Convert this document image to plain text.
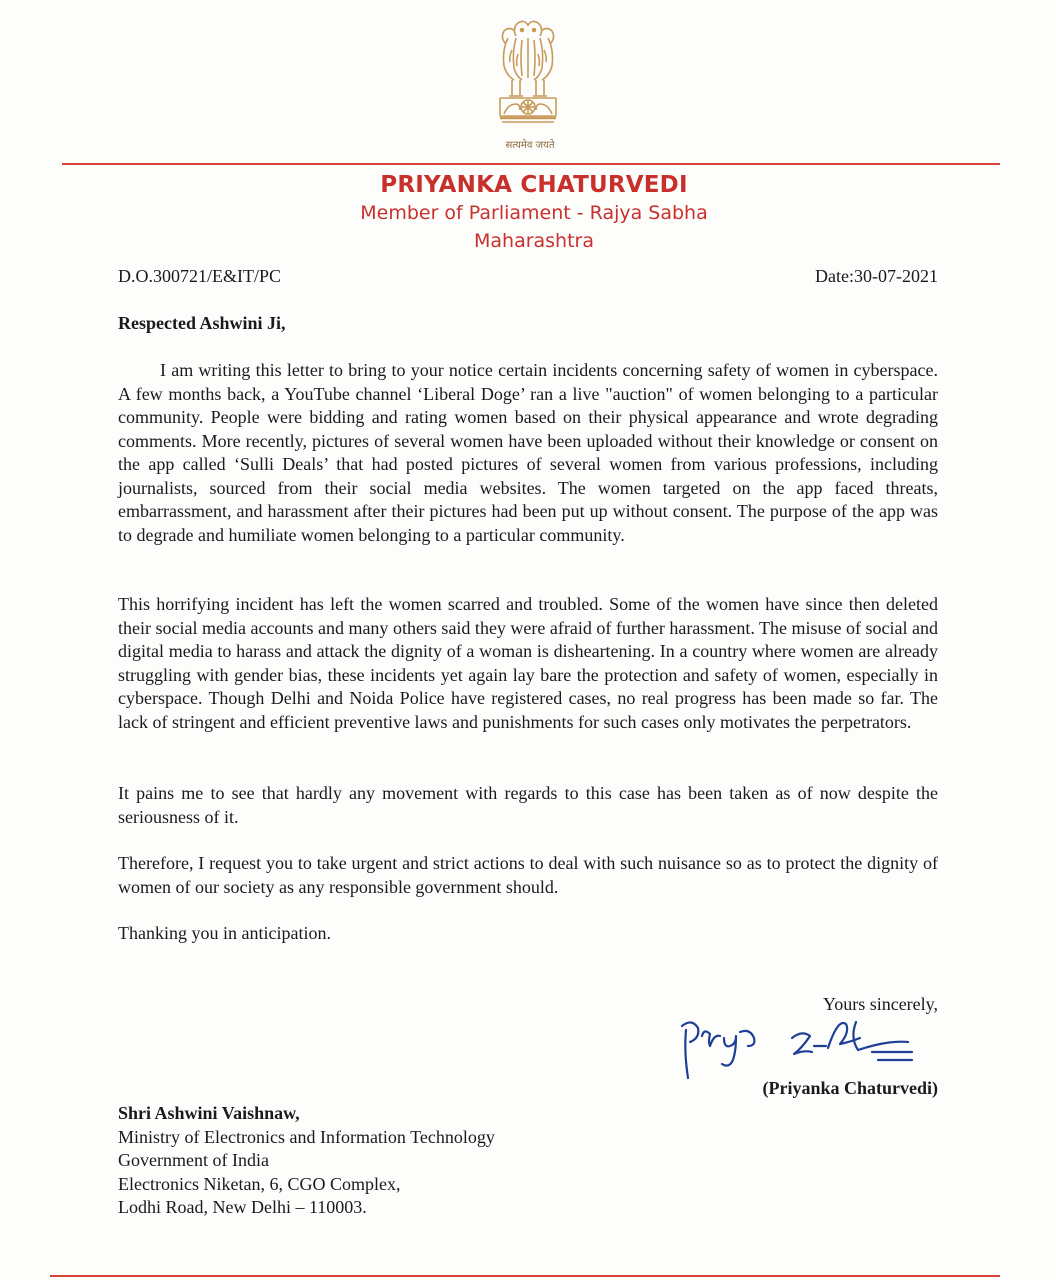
सत्यमेव जयते
PRIYANKA CHATURVEDI
Member of Parliament - Rajya Sabha
Maharashtra
D.O.300721/E&IT/PC	Date:30-07-2021
Respected Ashwini Ji,

I am writing this letter to bring to your notice certain incidents concerning safety of women in cyberspace. A few months back, a YouTube channel ‘Liberal Doge’ ran a live "auction" of women belonging to a particular community. People were bidding and rating women based on their physical appearance and wrote degrading comments. More recently, pictures of several women have been uploaded without their knowledge or consent on the app called ‘Sulli Deals’ that had posted pictures of several women from various professions, including journalists, sourced from their social media websites. The women targeted on the app faced threats, embarrassment, and harassment after their pictures had been put up without consent. The purpose of the app was to degrade and humiliate women belonging to a particular community.

This horrifying incident has left the women scarred and troubled. Some of the women have since then deleted their social media accounts and many others said they were afraid of further harassment. The misuse of social and digital media to harass and attack the dignity of a woman is disheartening. In a country where women are already struggling with gender bias, these incidents yet again lay bare the protection and safety of women, especially in cyberspace. Though Delhi and Noida Police have registered cases, no real progress has been made so far. The lack of stringent and efficient preventive laws and punishments for such cases only motivates the perpetrators.

It pains me to see that hardly any movement with regards to this case has been taken as of now despite the seriousness of it.

Therefore, I request you to take urgent and strict actions to deal with such nuisance so as to protect the dignity of women of our society as any responsible government should.

Thanking you in anticipation.

Yours sincerely,
(Priyanka Chaturvedi)
Shri Ashwini Vaishnaw,
Ministry of Electronics and Information Technology
Government of India
Electronics Niketan, 6, CGO Complex,
Lodhi Road, New Delhi – 110003.
